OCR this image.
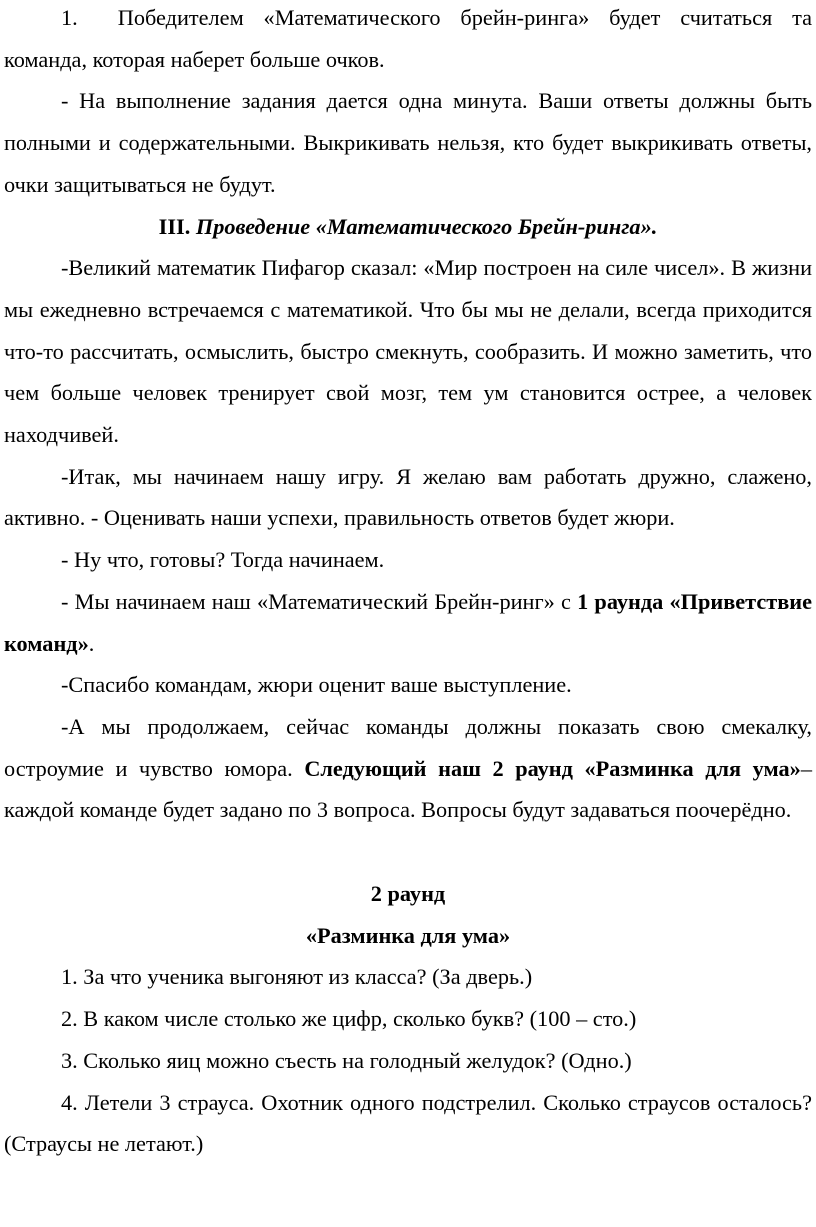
1. Победителем «Математического брейн-ринга» будет считаться та команда, которая наберет больше очков.

- На выполнение задания дается одна минута. Ваши ответы должны быть полными и содержательными. Выкрикивать нельзя, кто будет выкрикивать ответы, очки защитываться не будут.

III. Проведение «Математического Брейн-ринга».

-Великий математик Пифагор сказал: «Мир построен на силе чисел». В жизни мы ежедневно встречаемся с математикой. Что бы мы не делали, всегда приходится что-то рассчитать, осмыслить, быстро смекнуть, сообразить. И можно заметить, что чем больше человек тренирует свой мозг, тем ум становится острее, а человек находчивей.

-Итак, мы начинаем нашу игру. Я желаю вам работать дружно, слажено, активно. - Оценивать наши успехи, правильность ответов будет жюри.

- Ну что, готовы? Тогда начинаем.

- Мы начинаем наш «Математический Брейн-ринг» с 1 раунда «Приветствие команд».

-Спасибо командам, жюри оценит ваше выступление.

-А мы продолжаем, сейчас команды должны показать свою смекалку, остроумие и чувство юмора. Следующий наш 2 раунд «Разминка для ума»– каждой команде будет задано по 3 вопроса. Вопросы будут задаваться поочерёдно.

2 раунд

«Разминка для ума»

1. За что ученика выгоняют из класса? (За дверь.)

2. В каком числе столько же цифр, сколько букв? (100 – сто.)

3. Сколько яиц можно съесть на голодный желудок? (Одно.)

4. Летели 3 страуса. Охотник одного подстрелил. Сколько страусов осталось? (Страусы не летают.)
